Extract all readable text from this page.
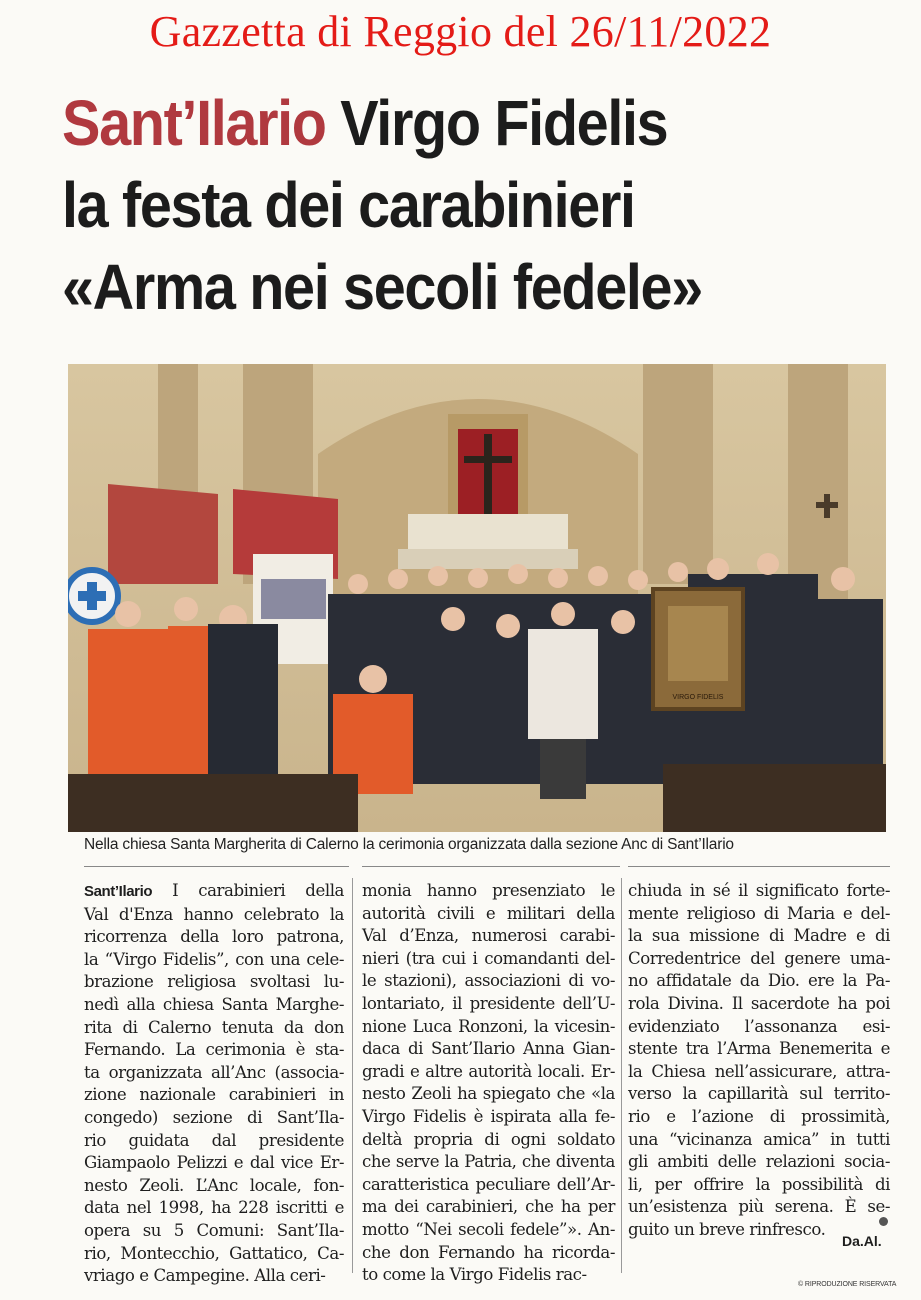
Gazzetta di Reggio del 26/11/2022
Sant’Ilario Virgo Fidelis
la festa dei carabinieri
«Arma nei secoli fedele»
VIRGO FIDELIS
Nella chiesa Santa Margherita di Calerno la cerimonia organizzata dalla sezione Anc di Sant’Ilario
Sant’Ilario I carabinieri della
Val d'Enza hanno celebrato la
ricorrenza della loro patrona,
la “Virgo Fidelis”, con una cele-
brazione religiosa svoltasi lu-
nedì alla chiesa Santa Marghe-
rita di Calerno tenuta da don
Fernando. La cerimonia è sta-
ta organizzata all’Anc (associa-
zione nazionale carabinieri in
congedo) sezione di Sant’Ila-
rio guidata dal presidente
Giampaolo Pelizzi e dal vice Er-
nesto Zeoli. L’Anc locale, fon-
data nel 1998, ha 228 iscritti e
opera su 5 Comuni: Sant’Ila-
rio, Montecchio, Gattatico, Ca-
vriago e Campegine. Alla ceri-
monia hanno presenziato le
autorità civili e militari della
Val d’Enza, numerosi carabi-
nieri (tra cui i comandanti del-
le stazioni), associazioni di vo-
lontariato, il presidente dell’U-
nione Luca Ronzoni, la vicesin-
daca di Sant’Ilario Anna Gian-
gradi e altre autorità locali. Er-
nesto Zeoli ha spiegato che «la
Virgo Fidelis è ispirata alla fe-
deltà propria di ogni soldato
che serve la Patria, che diventa
caratteristica peculiare dell’Ar-
ma dei carabinieri, che ha per
motto “Nei secoli fedele”». An-
che don Fernando ha ricorda-
to come la Virgo Fidelis rac-
chiuda in sé il significato forte-
mente religioso di Maria e del-
la sua missione di Madre e di
Corredentrice del genere uma-
no affidatale da Dio. ere la Pa-
rola Divina. Il sacerdote ha poi
evidenziato l’assonanza esi-
stente tra l’Arma Benemerita e
la Chiesa nell’assicurare, attra-
verso la capillarità sul territo-
rio e l’azione di prossimità,
una “vicinanza amica” in tutti
gli ambiti delle relazioni socia-
li, per offrire la possibilità di
un’esistenza più serena. È se-
guito un breve rinfresco.
Da.Al.
© RIPRODUZIONE RISERVATA
